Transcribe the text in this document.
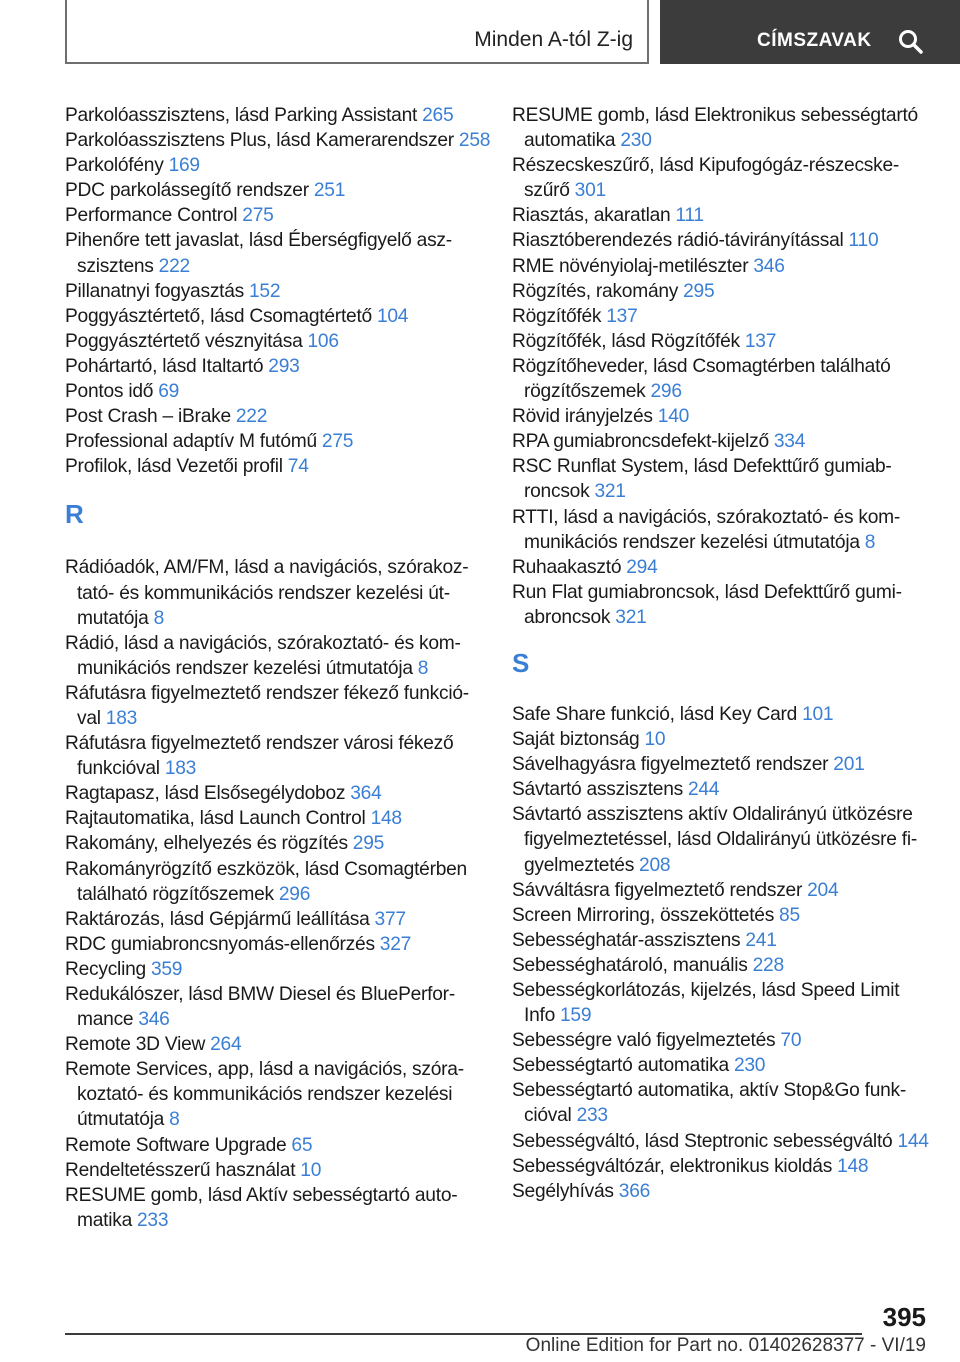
Minden A-tól Z-ig	CÍMSZAVAK
Parkolóasszisztens, lásd Parking Assistant 265
Parkolóasszisztens Plus, lásd Kamerarendszer 258
Parkolófény 169
PDC parkolássegítő rendszer 251
Performance Control 275
Pihenőre tett javaslat, lásd Éberségfigyelő aszszisztens 222
Pillanatnyi fogyasztás 152
Poggyásztértető, lásd Csomagtértető 104
Poggyásztértető vésznyitása 106
Pohártartó, lásd Italtartó 293
Pontos idő 69
Post Crash – iBrake 222
Professional adaptív M futómű 275
Profilok, lásd Vezetői profil 74
R
Rádióadók, AM/FM, lásd a navigációs, szórakoztató- és kommunikációs rendszer kezelési útmutatója 8
Rádió, lásd a navigációs, szórakoztató- és kommunikációs rendszer kezelési útmutatója 8
Ráfutásra figyelmeztető rendszer fékező funkcióval 183
Ráfutásra figyelmeztető rendszer városi fékező funkcióval 183
Ragtapasz, lásd Elsősegélydoboz 364
Rajtautomatika, lásd Launch Control 148
Rakomány, elhelyezés és rögzítés 295
Rakományrögzítő eszközök, lásd Csomagtérben található rögzítőszemek 296
Raktározás, lásd Gépjármű leállítása 377
RDC gumiabroncsnyomás-ellenőrzés 327
Recycling 359
Redukálószer, lásd BMW Diesel és BluePerformance 346
Remote 3D View 264
Remote Services, app, lásd a navigációs, szórakoztató- és kommunikációs rendszer kezelési útmutatója 8
Remote Software Upgrade 65
Rendeltetésszerű használat 10
RESUME gomb, lásd Aktív sebességtartó automatika 233
RESUME gomb, lásd Elektronikus sebességtartó automatika 230
Részecskeszűrő, lásd Kipufogógáz-részecskeszűrő 301
Riasztás, akaratlan 111
Riasztóberendezés rádió-távirányítással 110
RME növényiolaj-metilészter 346
Rögzítés, rakomány 295
Rögzítőfék 137
Rögzítőfék, lásd Rögzítőfék 137
Rögzítőheveder, lásd Csomagtérben található rögzítőszemek 296
Rövid irányjelzés 140
RPA gumiabroncsdefekt-kijelző 334
RSC Runflat System, lásd Defekttűrő gumiabroncsok 321
RTTI, lásd a navigációs, szórakoztató- és kommunikációs rendszer kezelési útmutatója 8
Ruhaakasztó 294
Run Flat gumiabroncsok, lásd Defekttűrő gumiabroncsok 321
S
Safe Share funkció, lásd Key Card 101
Saját biztonság 10
Sávelhagyásra figyelmeztető rendszer 201
Sávtartó asszisztens 244
Sávtartó asszisztens aktív Oldalirányú ütközésre figyelmeztetéssel, lásd Oldalirányú ütközésre figyelmeztetés 208
Sávváltásra figyelmeztető rendszer 204
Screen Mirroring, összeköttetés 85
Sebességhatár-asszisztens 241
Sebességhatároló, manuális 228
Sebességkorlátozás, kijelzés, lásd Speed Limit Info 159
Sebességre való figyelmeztetés 70
Sebességtartó automatika 230
Sebességtartó automatika, aktív Stop&Go funkcióval 233
Sebességváltó, lásd Steptronic sebességváltó 144
Sebességváltózár, elektronikus kioldás 148
Segélyhívás 366
395
Online Edition for Part no. 01402628377 - VI/19
